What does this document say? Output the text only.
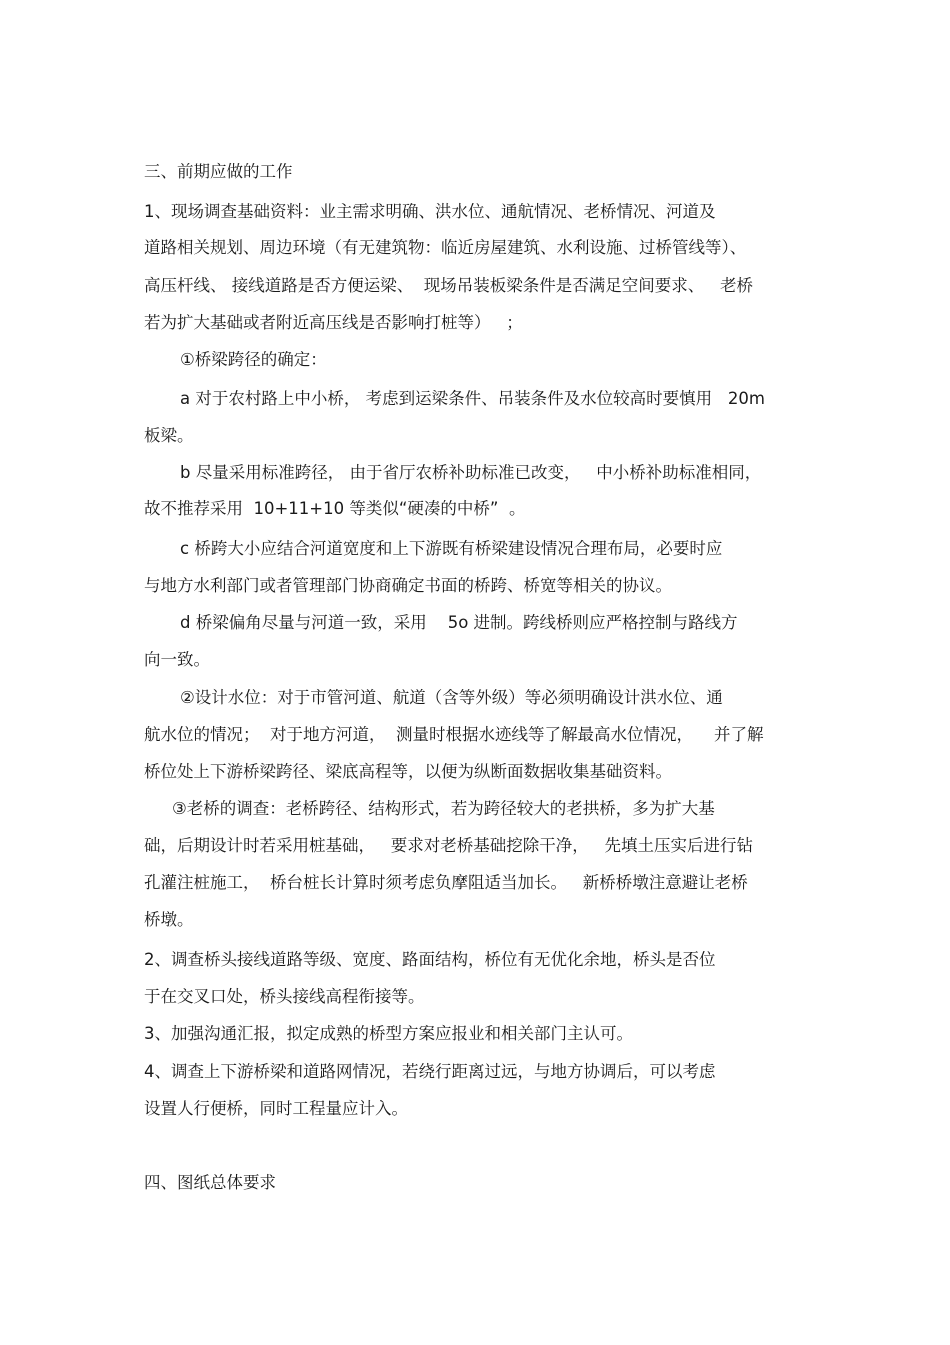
三、前期应做的工作

1、现场调查基础资料：业主需求明确、洪水位、通航情况、老桥情况、河道及

道路相关规划、周边环境（有无建筑物：临近房屋建筑、水利设施、过桥管线等）、

高压杆线、 接线道路是否方便运梁、  现场吊装板梁条件是否满足空间要求、   老桥

若为扩大基础或者附近高压线是否影响打桩等）   ；

①桥梁跨径的确定：

a 对于农村路上中小桥， 考虑到运梁条件、吊装条件及水位较高时要慎用   20m

板梁。

b 尽量采用标准跨径， 由于省厅农桥补助标准已改变，   中小桥补助标准相同，

故不推荐采用  10+11+10 等类似“硬凑的中桥”  。

c 桥跨大小应结合河道宽度和上下游既有桥梁建设情况合理布局，必要时应

与地方水利部门或者管理部门协商确定书面的桥跨、桥宽等相关的协议。

d 桥梁偏角尽量与河道一致，采用    5o 进制。跨线桥则应严格控制与路线方

向一致。

②设计水位：对于市管河道、航道（含等外级）等必须明确设计洪水位、通

航水位的情况；  对于地方河道，  测量时根据水迹线等了解最高水位情况，    并了解

桥位处上下游桥梁跨径、梁底高程等，以便为纵断面数据收集基础资料。

③老桥的调查：老桥跨径、结构形式，若为跨径较大的老拱桥，多为扩大基

础，后期设计时若采用桩基础，   要求对老桥基础挖除干净，   先填土压实后进行钻

孔灌注桩施工，  桥台桩长计算时须考虑负摩阻适当加长。   新桥桥墩注意避让老桥

桥墩。

2、调查桥头接线道路等级、宽度、路面结构，桥位有无优化余地，桥头是否位

于在交叉口处，桥头接线高程衔接等。

3、加强沟通汇报，拟定成熟的桥型方案应报业和相关部门主认可。

4、调查上下游桥梁和道路网情况，若绕行距离过远，与地方协调后，可以考虑

设置人行便桥，同时工程量应计入。

四、图纸总体要求
